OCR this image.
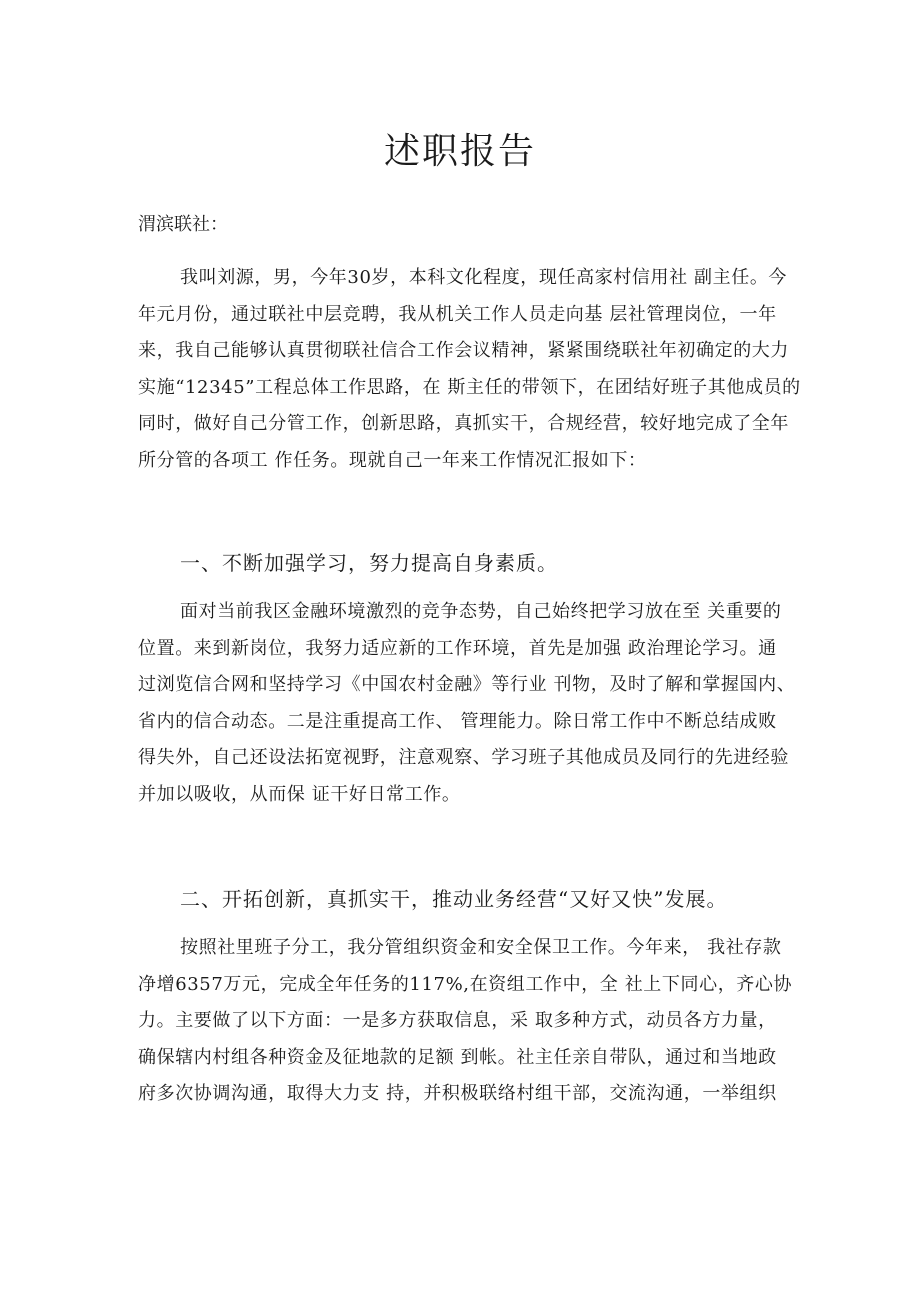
述职报告

渭滨联社：

我叫刘源，男，今年30岁，本科文化程度，现任高家村信用社 副主任。今
年元月份，通过联社中层竞聘，我从机关工作人员走向基 层社管理岗位，一年
来，我自己能够认真贯彻联社信合工作会议精神，紧紧围绕联社年初确定的大力
实施“12345”工程总体工作思路，在 斯主任的带领下，在团结好班子其他成员的
同时，做好自己分管工作，创新思路，真抓实干，合规经营，较好地完成了全年
所分管的各项工 作任务。现就自己一年来工作情况汇报如下：
一、不断加强学习，努力提高自身素质。
面对当前我区金融环境激烈的竞争态势，自己始终把学习放在至 关重要的
位置。来到新岗位，我努力适应新的工作环境，首先是加强 政治理论学习。通
过浏览信合网和坚持学习《中国农村金融》等行业 刊物，及时了解和掌握国内、
省内的信合动态。二是注重提高工作、 管理能力。除日常工作中不断总结成败
得失外，自己还设法拓宽视野，注意观察、学习班子其他成员及同行的先进经验
并加以吸收，从而保 证干好日常工作。
二、开拓创新，真抓实干，推动业务经营“又好又快”发展。
按照社里班子分工，我分管组织资金和安全保卫工作。今年来， 我社存款
净增6357万元，完成全年任务的117%,在资组工作中，全 社上下同心，齐心协
力。主要做了以下方面：一是多方获取信息，采 取多种方式，动员各方力量，
确保辖内村组各种资金及征地款的足额 到帐。社主任亲自带队，通过和当地政
府多次协调沟通，取得大力支 持，并积极联络村组干部，交流沟通，一举组织
